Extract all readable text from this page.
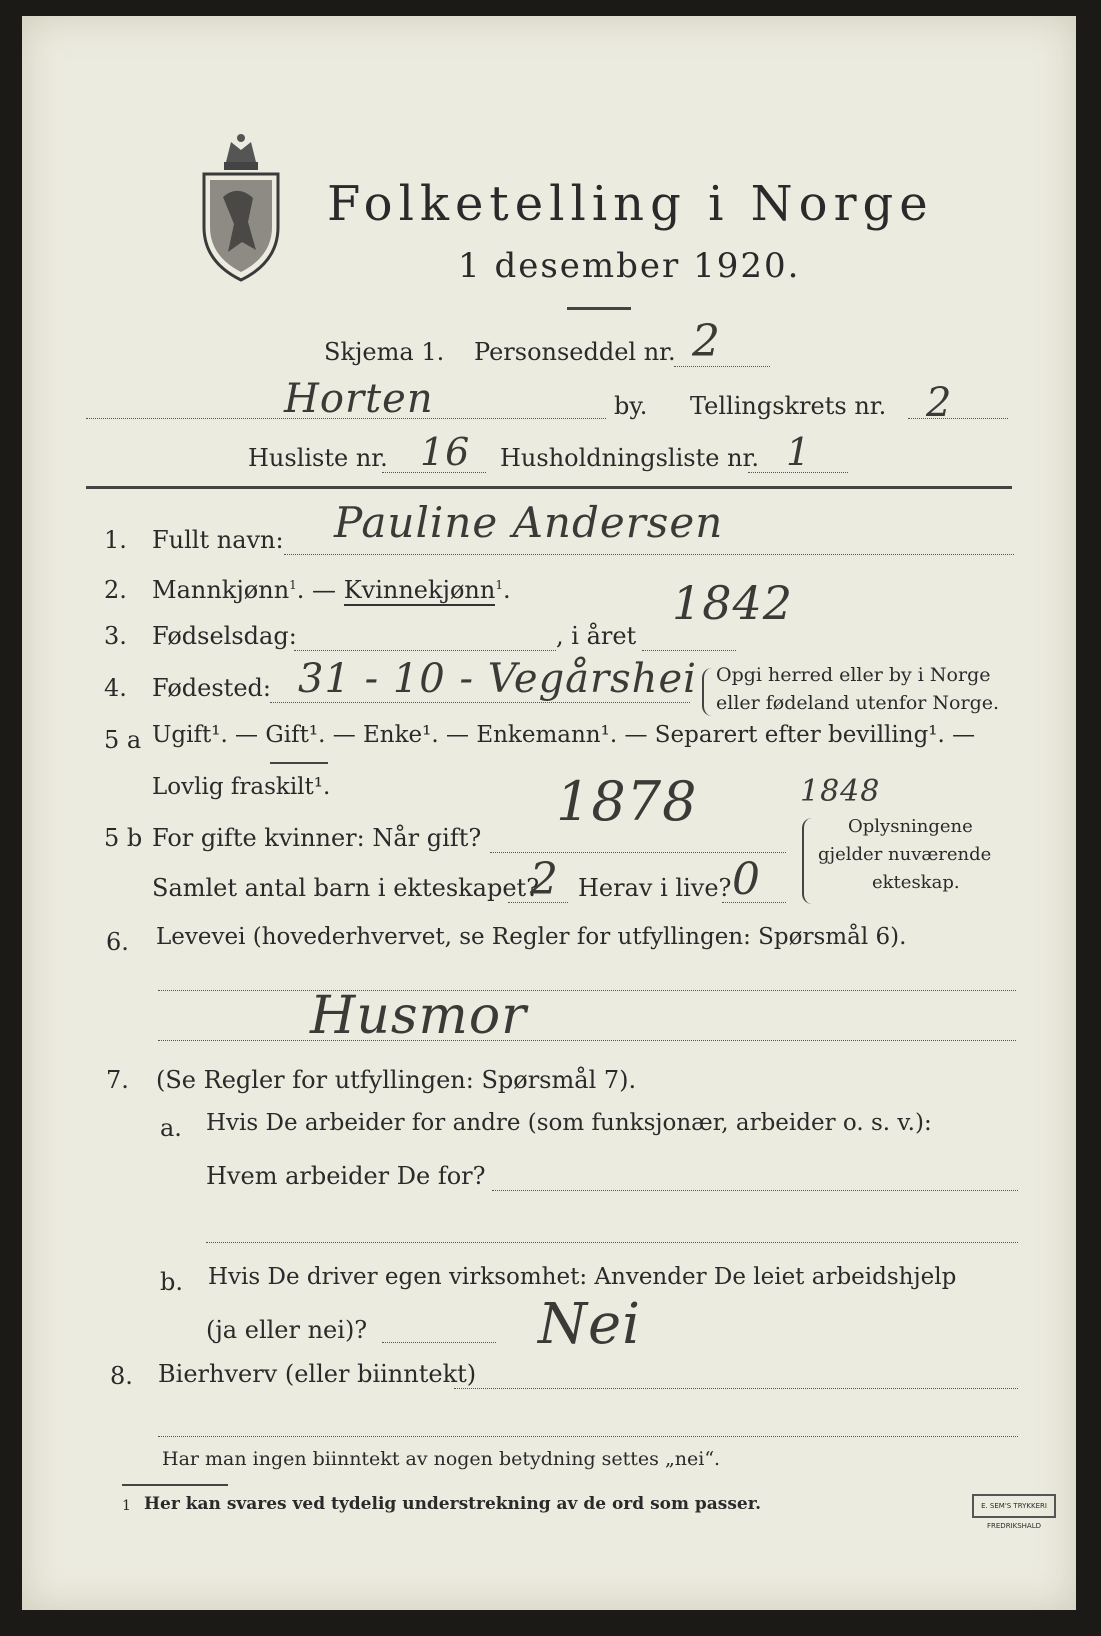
Folketelling i Norge
1 desember 1920.
Skjema 1. Personseddel nr. 2
Horten	by. Tellingskrets nr. 2
Husliste nr. 16 Husholdningsliste nr. 1
1. Fullt navn: Pauline Andersen
2. Mannkjønn$^1$. — Kvinnekjønn$^1$.
3. Fødselsdag:	, i året
1842
4. Fødested: 31 - 10 - Vegårshei Opgi herred eller by i Norge
eller fødeland utenfor Norge.
5 a Ugift¹. — Gift¹. — Enke¹. — Enkemann¹. — Separert efter bevilling¹. —
Lovlig fraskilt¹.	1848
5 b For gifte kvinner: Når gift?
1878
Samlet antal barn i ekteskapet?
2 Herav i live? 0
Oplysningene
gjelder nuværende
ekteskap.
6. Levevei (hovederhvervet, se Regler for utfyllingen: Spørsmål 6).
Husmor
7. (Se Regler for utfyllingen: Spørsmål 7).
a. Hvis De arbeider for andre (som funksjonær, arbeider o. s. v.):
Hvem arbeider De for?
b. Hvis De driver egen virksomhet: Anvender De leiet arbeidshjelp
(ja eller nei)?	Nei
8. Bierhverv (eller biinntekt)
Har man ingen biinntekt av nogen betydning settes „nei“.
1 Her kan svares ved tydelig understrekning av de ord som passer.	E. SEM'S TRYKKERI FREDRIKSHALD
